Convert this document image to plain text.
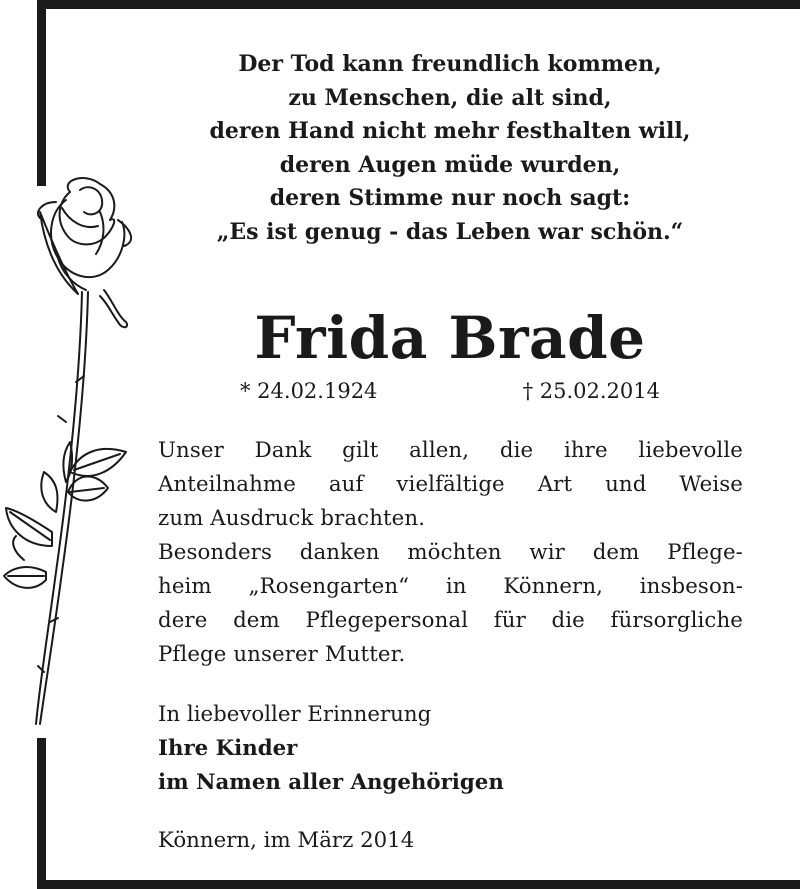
Der Tod kann freundlich kommen,
zu Menschen, die alt sind,
deren Hand nicht mehr festhalten will,
deren Augen müde wurden,
deren Stimme nur noch sagt:
„Es ist genug - das Leben war schön.“
Frida Brade
* 24.02.1924	† 25.02.2014
Unser Dank gilt allen, die ihre liebevolle
Anteilnahme auf vielfältige Art und Weise
zum Ausdruck brachten.
Besonders danken möchten wir dem Pflege-
heim „Rosengarten“ in Könnern, insbeson-
dere dem Pflegepersonal für die fürsorgliche
Pflege unserer Mutter.
In liebevoller Erinnerung
Ihre Kinder
im Namen aller Angehörigen
Könnern, im März 2014
